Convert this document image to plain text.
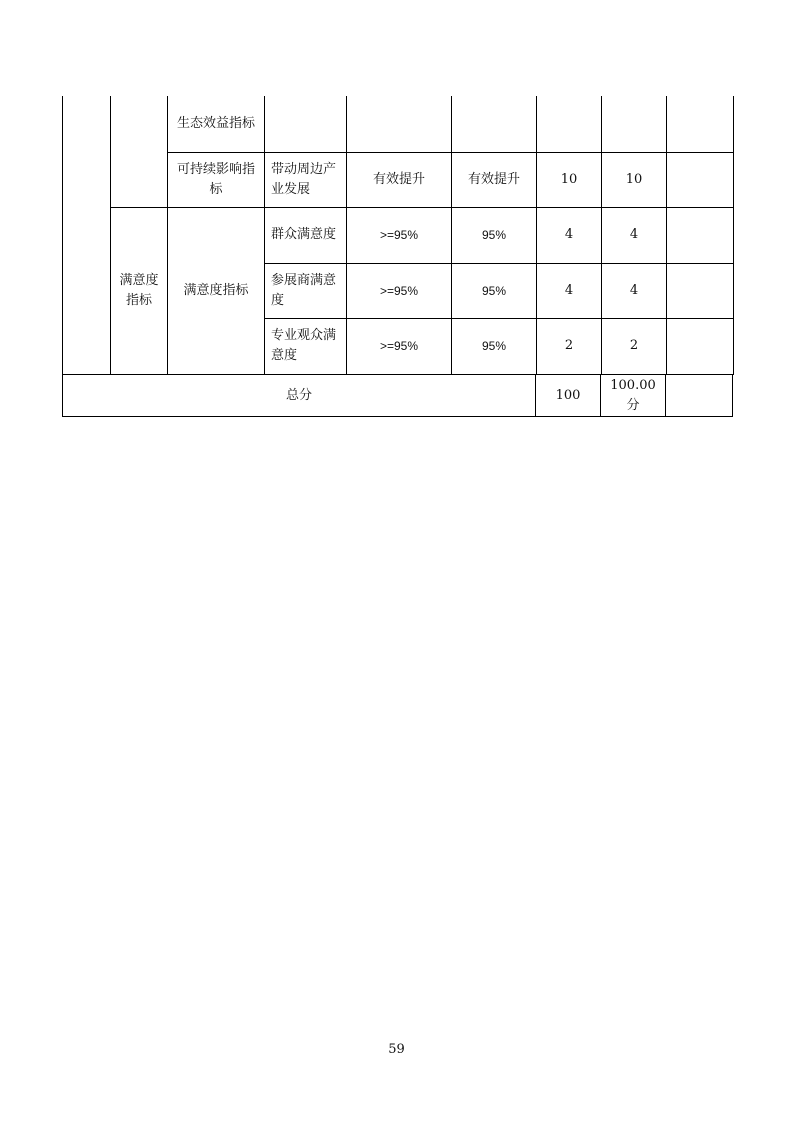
		生态效益指标						
		可持续影响指标	带动周边产业发展	有效提升	有效提升	10	10	
	满意度指标	满意度指标	群众满意度	>=95%	95%	4	4	
			参展商满意度	>=95%	95%	4	4	
			专业观众满意度	>=95%	95%	2	2	
总分	100	100.00分	
59
